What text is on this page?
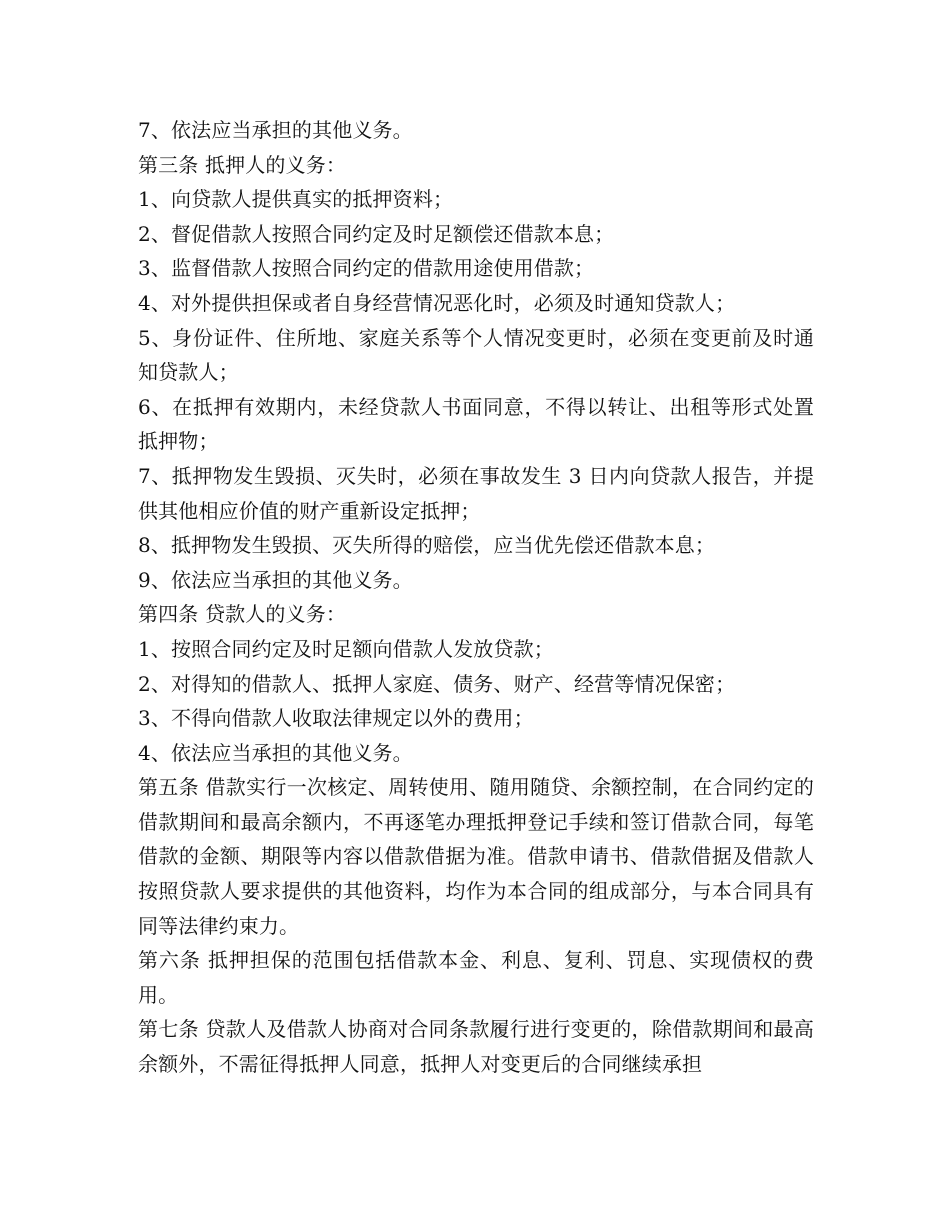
7、依法应当承担的其他义务。

第三条 抵押人的义务：

1、向贷款人提供真实的抵押资料；

2、督促借款人按照合同约定及时足额偿还借款本息；

3、监督借款人按照合同约定的借款用途使用借款；

4、对外提供担保或者自身经营情况恶化时，必须及时通知贷款人；

5、身份证件、住所地、家庭关系等个人情况变更时，必须在变更前及时通知贷款人；

6、在抵押有效期内，未经贷款人书面同意，不得以转让、出租等形式处置抵押物；

7、抵押物发生毁损、灭失时，必须在事故发生 3 日内向贷款人报告，并提供其他相应价值的财产重新设定抵押；

8、抵押物发生毁损、灭失所得的赔偿，应当优先偿还借款本息；

9、依法应当承担的其他义务。

第四条 贷款人的义务：

1、按照合同约定及时足额向借款人发放贷款；

2、对得知的借款人、抵押人家庭、债务、财产、经营等情况保密；

3、不得向借款人收取法律规定以外的费用；

4、依法应当承担的其他义务。

第五条 借款实行一次核定、周转使用、随用随贷、余额控制，在合同约定的借款期间和最高余额内，不再逐笔办理抵押登记手续和签订借款合同，每笔借款的金额、期限等内容以借款借据为准。借款申请书、借款借据及借款人按照贷款人要求提供的其他资料，均作为本合同的组成部分，与本合同具有同等法律约束力。

第六条 抵押担保的范围包括借款本金、利息、复利、罚息、实现债权的费用。

第七条 贷款人及借款人协商对合同条款履行进行变更的，除借款期间和最高余额外，不需征得抵押人同意，抵押人对变更后的合同继续承担
